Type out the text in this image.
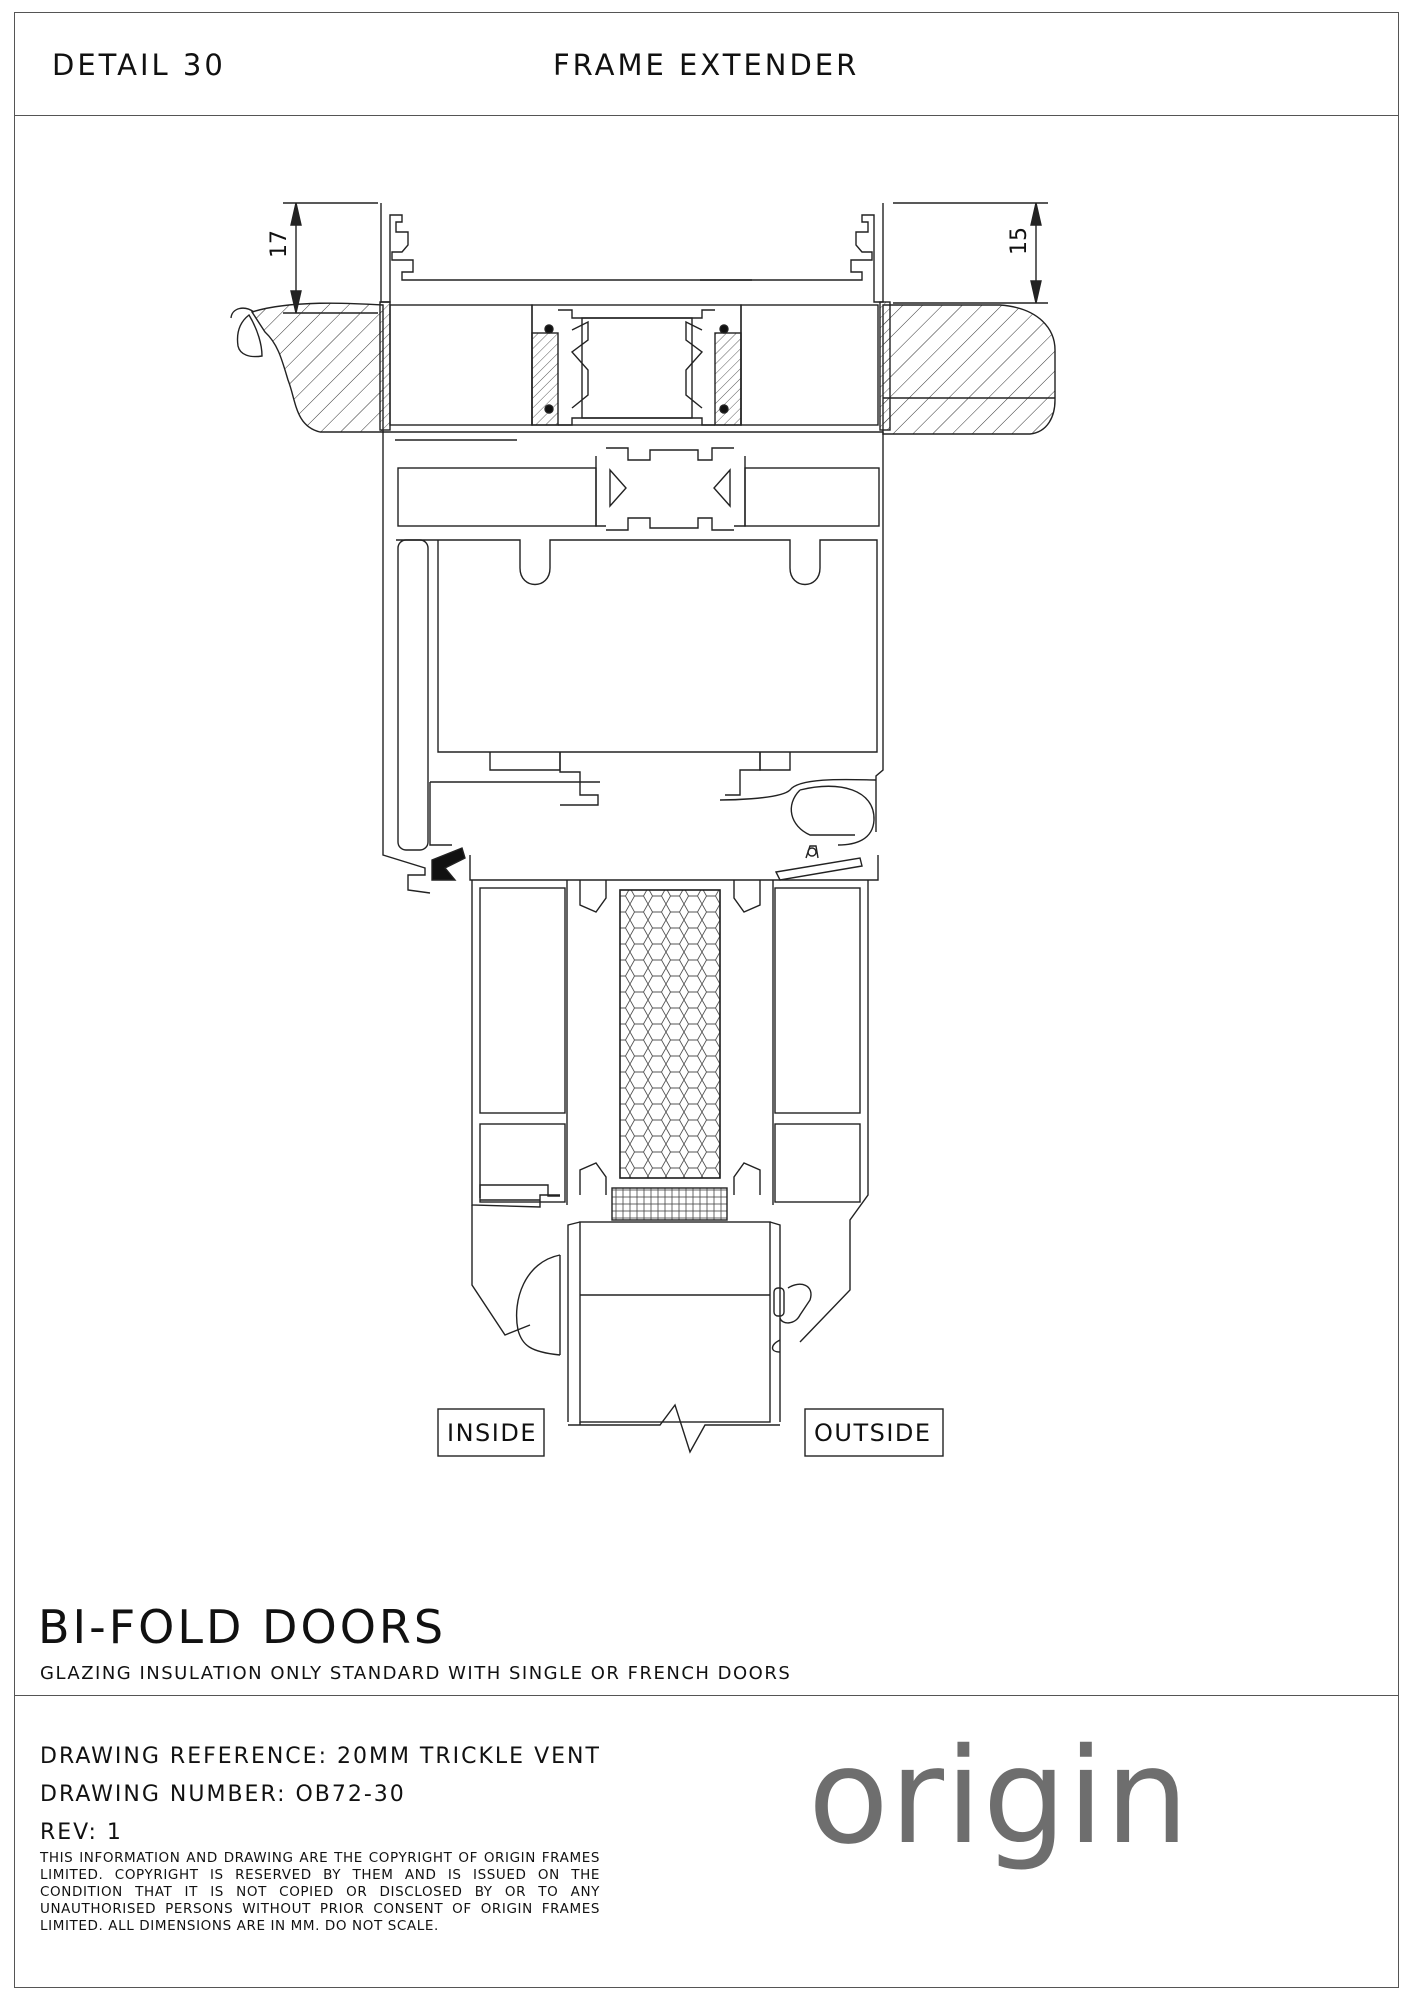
DETAIL 30	FRAME EXTENDER
17	15
INSIDE	OUTSIDE
BI-FOLD DOORS
GLAZING INSULATION ONLY STANDARD WITH SINGLE OR FRENCH DOORS
DRAWING REFERENCE: 20MM TRICKLE VENT
DRAWING NUMBER: OB72-30
REV: 1
THIS INFORMATION AND DRAWING ARE THE COPYRIGHT OF ORIGIN FRAMES LIMITED. COPYRIGHT IS RESERVED BY THEM AND IS ISSUED ON THE CONDITION THAT IT IS NOT COPIED OR DISCLOSED BY OR TO ANY UNAUTHORISED PERSONS WITHOUT PRIOR CONSENT OF ORIGIN FRAMES LIMITED. ALL DIMENSIONS ARE IN MM. DO NOT SCALE.
origin
